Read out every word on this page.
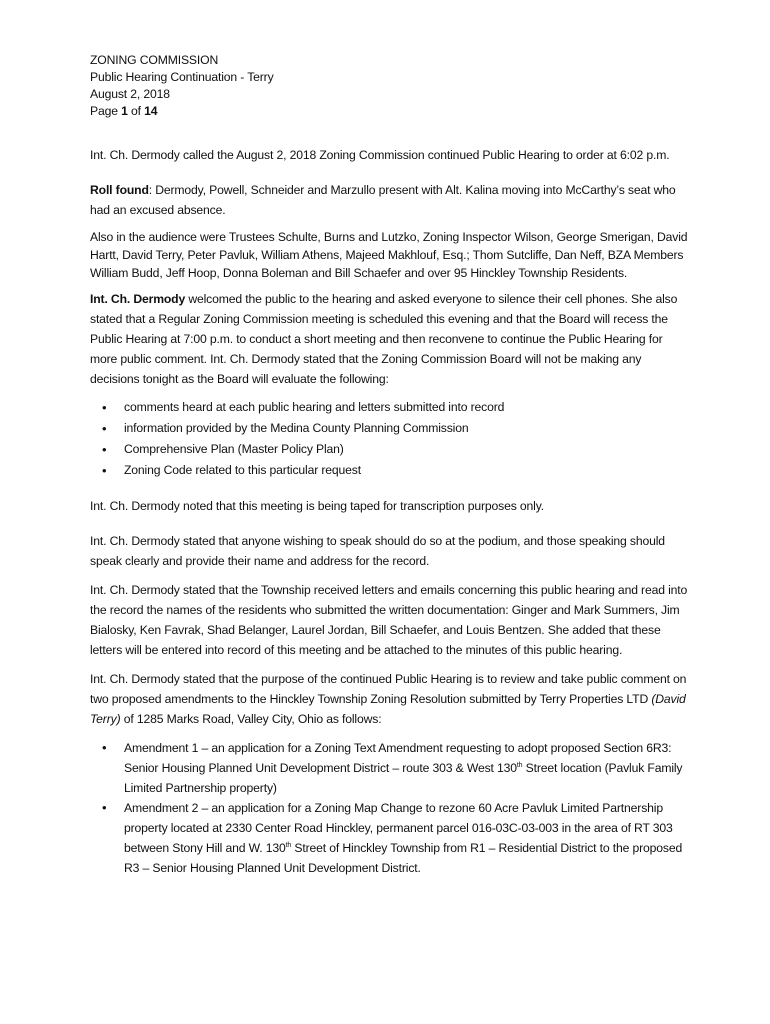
ZONING COMMISSION
Public Hearing Continuation - Terry
August 2, 2018
Page 1 of 14

Int. Ch. Dermody called the August 2, 2018 Zoning Commission continued Public Hearing to order at 6:02 p.m.

Roll found: Dermody, Powell, Schneider and Marzullo present with Alt. Kalina moving into McCarthy’s seat who had an excused absence.

Also in the audience were Trustees Schulte, Burns and Lutzko, Zoning Inspector Wilson, George Smerigan, David Hartt, David Terry, Peter Pavluk, William Athens, Majeed Makhlouf, Esq.; Thom Sutcliffe, Dan Neff, BZA Members William Budd, Jeff Hoop, Donna Boleman and Bill Schaefer and over 95 Hinckley Township Residents.

Int. Ch. Dermody welcomed the public to the hearing and asked everyone to silence their cell phones. She also stated that a Regular Zoning Commission meeting is scheduled this evening and that the Board will recess the Public Hearing at 7:00 p.m. to conduct a short meeting and then reconvene to continue the Public Hearing for more public comment. Int. Ch. Dermody stated that the Zoning Commission Board will not be making any decisions tonight as the Board will evaluate the following:

• comments heard at each public hearing and letters submitted into record
• information provided by the Medina County Planning Commission
• Comprehensive Plan (Master Policy Plan)
• Zoning Code related to this particular request

Int. Ch. Dermody noted that this meeting is being taped for transcription purposes only.

Int. Ch. Dermody stated that anyone wishing to speak should do so at the podium, and those speaking should speak clearly and provide their name and address for the record.

Int. Ch. Dermody stated that the Township received letters and emails concerning this public hearing and read into the record the names of the residents who submitted the written documentation: Ginger and Mark Summers, Jim Bialosky, Ken Favrak, Shad Belanger, Laurel Jordan, Bill Schaefer, and Louis Bentzen. She added that these letters will be entered into record of this meeting and be attached to the minutes of this public hearing.

Int. Ch. Dermody stated that the purpose of the continued Public Hearing is to review and take public comment on two proposed amendments to the Hinckley Township Zoning Resolution submitted by Terry Properties LTD (David Terry) of 1285 Marks Road, Valley City, Ohio as follows:

• Amendment 1 – an application for a Zoning Text Amendment requesting to adopt proposed Section 6R3: Senior Housing Planned Unit Development District – route 303 & West 130th Street location (Pavluk Family Limited Partnership property)
• Amendment 2 – an application for a Zoning Map Change to rezone 60 Acre Pavluk Limited Partnership property located at 2330 Center Road Hinckley, permanent parcel 016-03C-03-003 in the area of RT 303 between Stony Hill and W. 130th Street of Hinckley Township from R1 – Residential District to the proposed R3 – Senior Housing Planned Unit Development District.
